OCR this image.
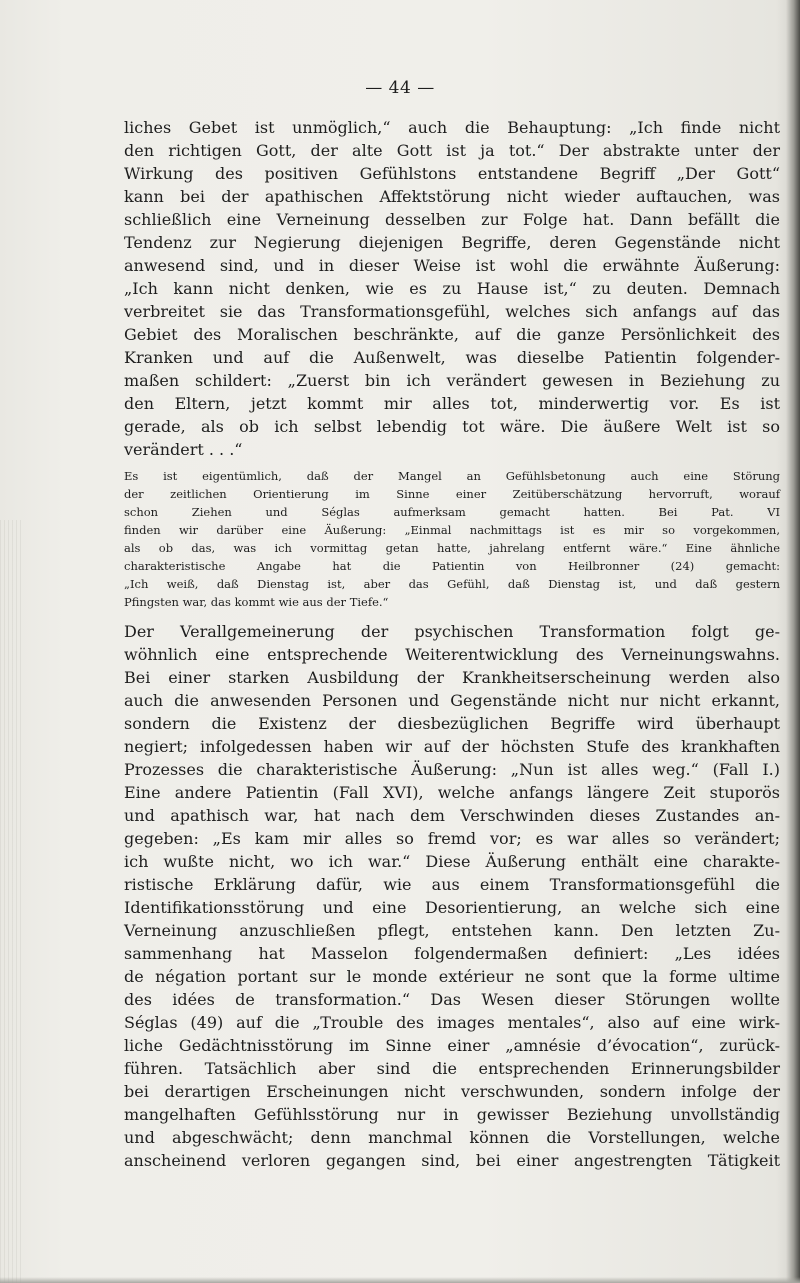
— 44 —

liches Gebet ist unmöglich,“ auch die Behauptung: „Ich finde nicht

den richtigen Gott, der alte Gott ist ja tot.“ Der abstrakte unter der

Wirkung des positiven Gefühlstons entstandene Begriff „Der Gott“

kann bei der apathischen Affektstörung nicht wieder auftauchen, was

schließlich eine Verneinung desselben zur Folge hat. Dann befällt die

Tendenz zur Negierung diejenigen Begriffe, deren Gegenstände nicht

anwesend sind, und in dieser Weise ist wohl die erwähnte Äußerung:

„Ich kann nicht denken, wie es zu Hause ist,“ zu deuten. Demnach

verbreitet sie das Transformationsgefühl, welches sich anfangs auf das

Gebiet des Moralischen beschränkte, auf die ganze Persönlichkeit des

Kranken und auf die Außenwelt, was dieselbe Patientin folgender-

maßen schildert: „Zuerst bin ich verändert gewesen in Beziehung zu

den Eltern, jetzt kommt mir alles tot, minderwertig vor. Es ist

gerade, als ob ich selbst lebendig tot wäre. Die äußere Welt ist so

verändert . . .“

Es ist eigentümlich, daß der Mangel an Gefühlsbetonung auch eine Störung

der zeitlichen Orientierung im Sinne einer Zeitüberschätzung hervorruft, worauf

schon Ziehen und Séglas aufmerksam gemacht hatten. Bei Pat. VI

finden wir darüber eine Äußerung: „Einmal nachmittags ist es mir so vorgekommen,

als ob das, was ich vormittag getan hatte, jahrelang entfernt wäre.“ Eine ähnliche

charakteristische Angabe hat die Patientin von Heilbronner (24) gemacht:

„Ich weiß, daß Dienstag ist, aber das Gefühl, daß Dienstag ist, und daß gestern

Pfingsten war, das kommt wie aus der Tiefe.“

Der Verallgemeinerung der psychischen Transformation folgt ge-

wöhnlich eine entsprechende Weiterentwicklung des Verneinungswahns.

Bei einer starken Ausbildung der Krankheitserscheinung werden also

auch die anwesenden Personen und Gegenstände nicht nur nicht erkannt,

sondern die Existenz der diesbezüglichen Begriffe wird überhaupt

negiert; infolgedessen haben wir auf der höchsten Stufe des krankhaften

Prozesses die charakteristische Äußerung: „Nun ist alles weg.“ (Fall I.)

Eine andere Patientin (Fall XVI), welche anfangs längere Zeit stuporös

und apathisch war, hat nach dem Verschwinden dieses Zustandes an-

gegeben: „Es kam mir alles so fremd vor; es war alles so verändert;

ich wußte nicht, wo ich war.“ Diese Äußerung enthält eine charakte-

ristische Erklärung dafür, wie aus einem Transformationsgefühl die

Identifikationsstörung und eine Desorientierung, an welche sich eine

Verneinung anzuschließen pflegt, entstehen kann. Den letzten Zu-

sammenhang hat Masselon folgendermaßen definiert: „Les idées

de négation portant sur le monde extérieur ne sont que la forme ultime

des idées de transformation.“ Das Wesen dieser Störungen wollte

Séglas (49) auf die „Trouble des images mentales“, also auf eine wirk-

liche Gedächtnisstörung im Sinne einer „amnésie d’évocation“, zurück-

führen. Tatsächlich aber sind die entsprechenden Erinnerungsbilder

bei derartigen Erscheinungen nicht verschwunden, sondern infolge der

mangelhaften Gefühlsstörung nur in gewisser Beziehung unvollständig

und abgeschwächt; denn manchmal können die Vorstellungen, welche

anscheinend verloren gegangen sind, bei einer angestrengten Tätigkeit
